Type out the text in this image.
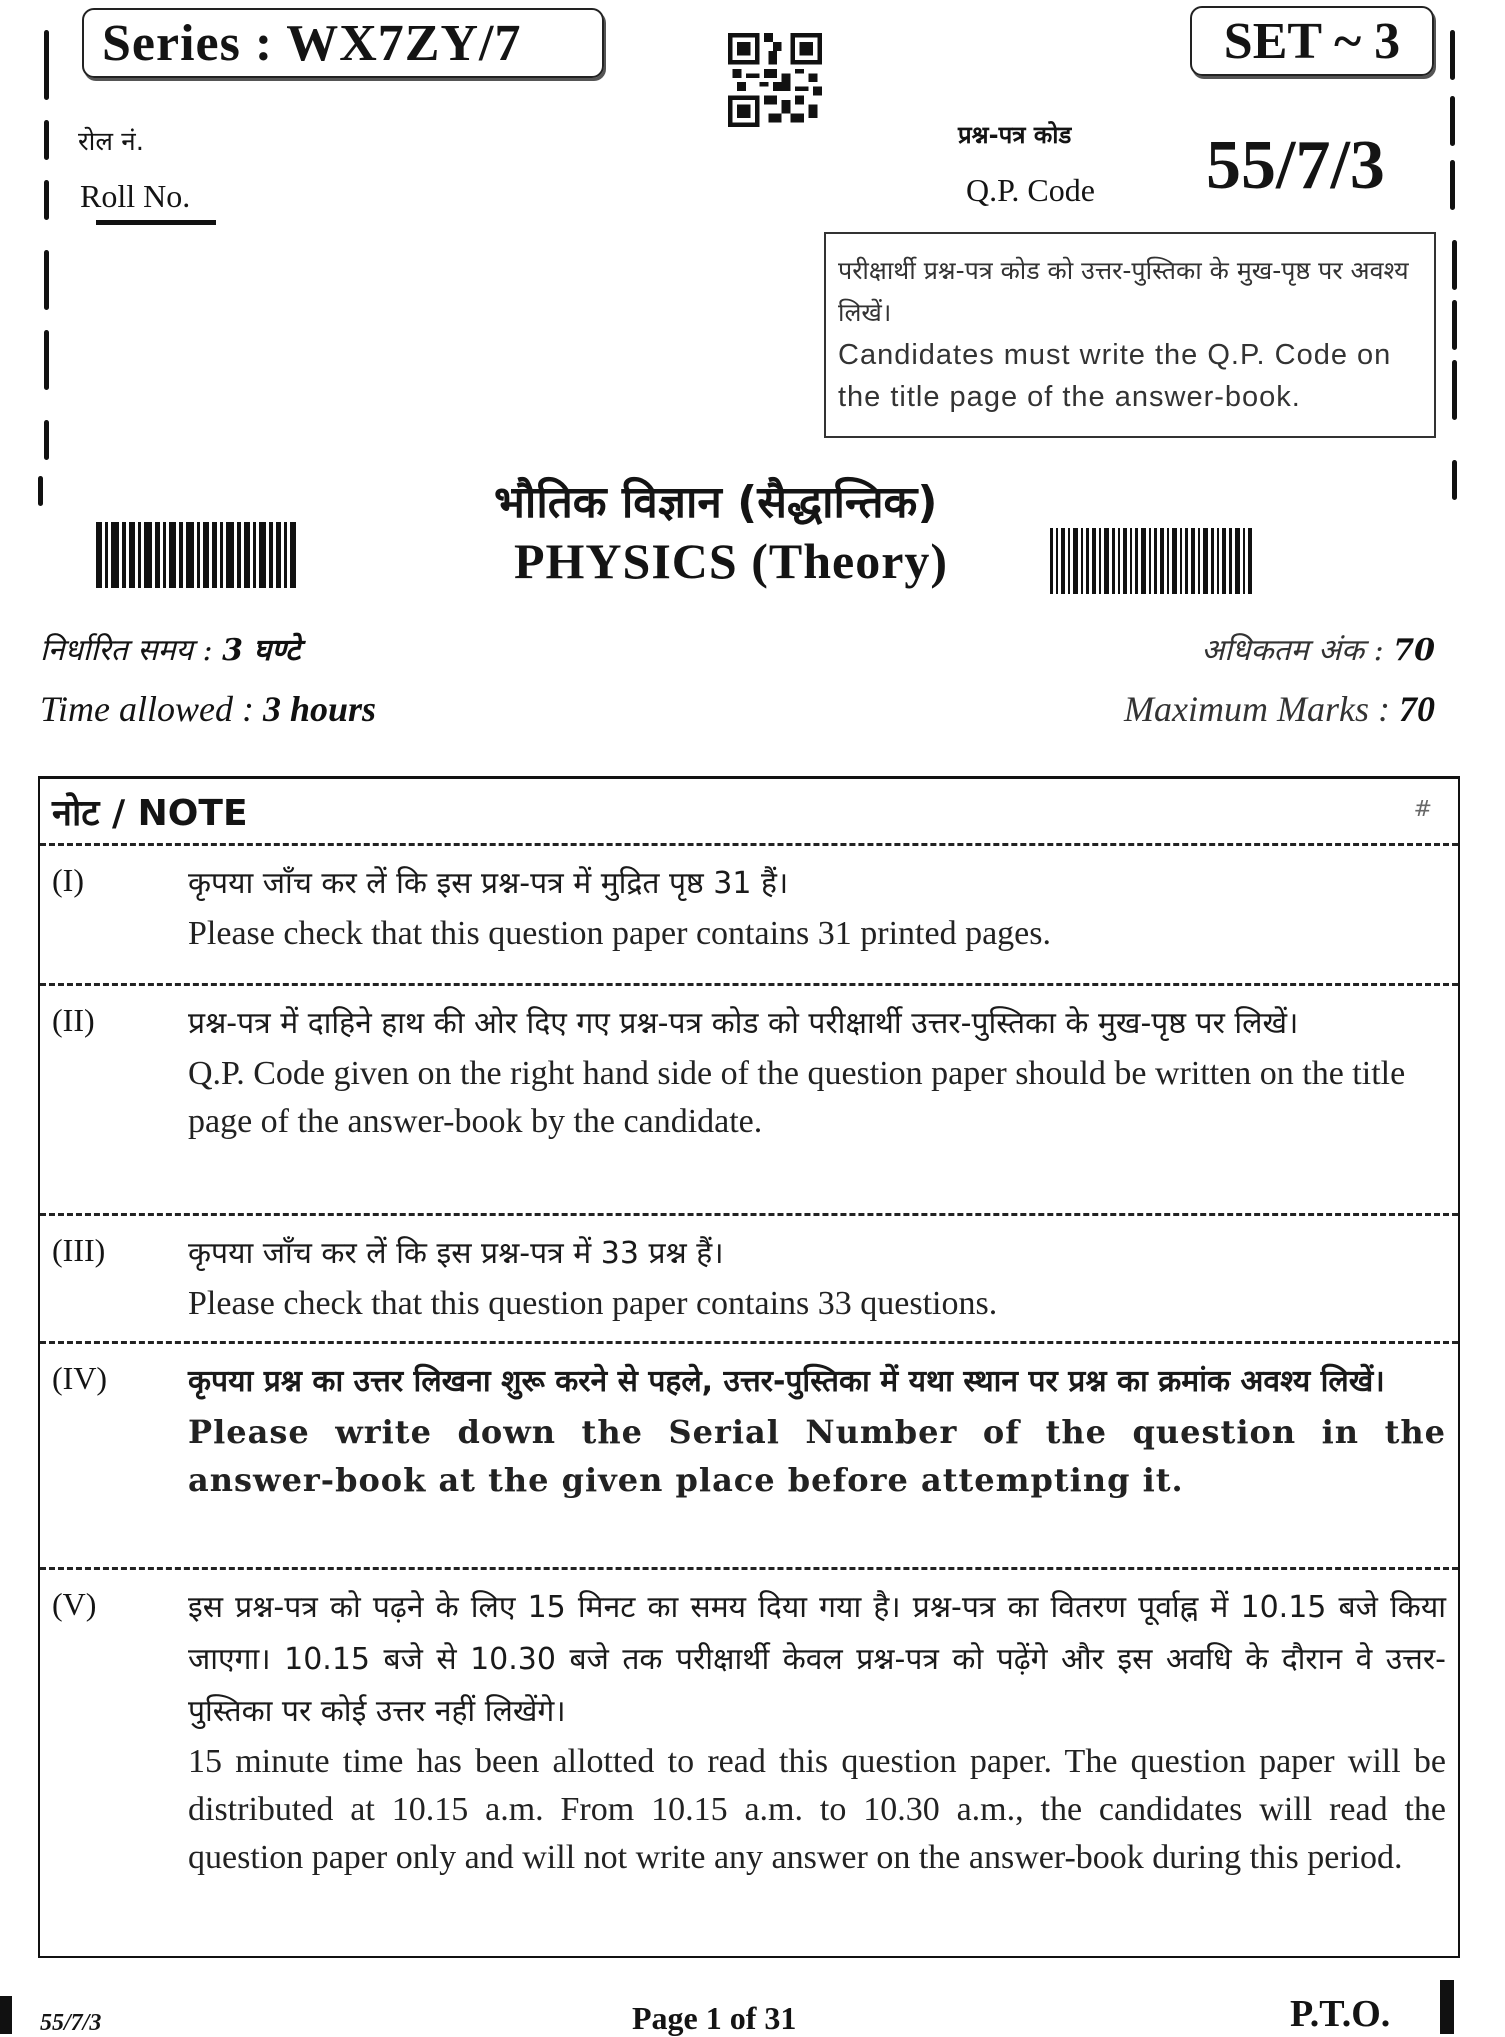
Series : WX7ZY/7	SET ~ 3
रोल नं.
Roll No.
प्रश्न-पत्र कोड
Q.P. Code 55/7/3
परीक्षार्थी प्रश्न-पत्र कोड को उत्तर-पुस्तिका के मुख-पृष्ठ पर अवश्य लिखें।
Candidates must write the Q.P. Code on the title page of the answer-book.
भौतिक विज्ञान (सैद्धान्तिक)
PHYSICS (Theory)
निर्धारित समय : 3 घण्टे
Time allowed : 3 hours
अधिकतम अंक : 70
Maximum Marks : 70
नोट / NOTE	#
(I)	कृपया जाँच कर लें कि इस प्रश्न-पत्र में मुद्रित पृष्ठ 31 हैं।
Please check that this question paper contains 31 printed pages.
(II)	प्रश्न-पत्र में दाहिने हाथ की ओर दिए गए प्रश्न-पत्र कोड को परीक्षार्थी उत्तर-पुस्तिका के मुख-पृष्ठ पर लिखें।
Q.P. Code given on the right hand side of the question paper should be written on the title page of the answer-book by the candidate.
(III)	कृपया जाँच कर लें कि इस प्रश्न-पत्र में 33 प्रश्न हैं।
Please check that this question paper contains 33 questions.
(IV)	कृपया प्रश्न का उत्तर लिखना शुरू करने से पहले, उत्तर-पुस्तिका में यथा स्थान पर प्रश्न का क्रमांक अवश्य लिखें।
Please write down the Serial Number of the question in the answer-book at the given place before attempting it.
(V)	इस प्रश्न-पत्र को पढ़ने के लिए 15 मिनट का समय दिया गया है। प्रश्न-पत्र का वितरण पूर्वाह्न में 10.15 बजे किया जाएगा। 10.15 बजे से 10.30 बजे तक परीक्षार्थी केवल प्रश्न-पत्र को पढ़ेंगे और इस अवधि के दौरान वे उत्तर-पुस्तिका पर कोई उत्तर नहीं लिखेंगे।
15 minute time has been allotted to read this question paper. The question paper will be distributed at 10.15 a.m. From 10.15 a.m. to 10.30 a.m., the candidates will read the question paper only and will not write any answer on the answer-book during this period.
55/7/3	Page 1 of 31	P.T.O.
